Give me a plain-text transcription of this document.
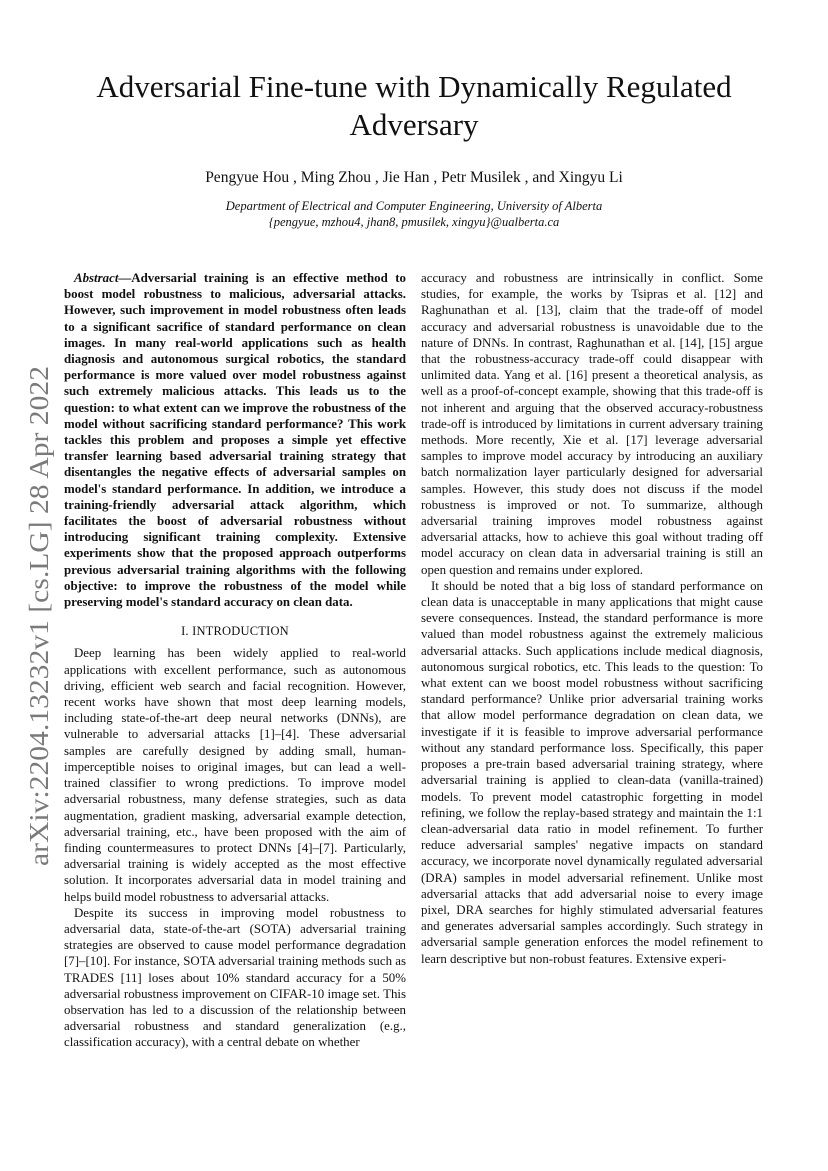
Adversarial Fine-tune with Dynamically Regulated Adversary
Pengyue Hou , Ming Zhou , Jie Han , Petr Musilek , and Xingyu Li
Department of Electrical and Computer Engineering, University of Alberta
{pengyue, mzhou4, jhan8, pmusilek, xingyu}@ualberta.ca
arXiv:2204.13232v1 [cs.LG] 28 Apr 2022

Abstract—Adversarial training is an effective method to boost model robustness to malicious, adversarial attacks. However, such improvement in model robustness often leads to a significant sacrifice of standard performance on clean images. In many real-world applications such as health diagnosis and autonomous surgical robotics, the standard performance is more valued over model robustness against such extremely malicious attacks. This leads us to the question: to what extent can we improve the robustness of the model without sacrificing standard performance? This work tackles this problem and proposes a simple yet effective transfer learning based adversarial training strategy that disentangles the negative effects of adversarial samples on model's standard performance. In addition, we introduce a training-friendly adversarial attack algorithm, which facilitates the boost of adversarial robustness without introducing significant training complexity. Extensive experiments show that the proposed approach outperforms previous adversarial training algorithms with the following objective: to improve the robustness of the model while preserving model's standard accuracy on clean data.

I. INTRODUCTION

Deep learning has been widely applied to real-world applications with excellent performance, such as autonomous driving, efficient web search and facial recognition. However, recent works have shown that most deep learning models, including state-of-the-art deep neural networks (DNNs), are vulnerable to adversarial attacks [1]–[4]. These adversarial samples are carefully designed by adding small, human-imperceptible noises to original images, but can lead a well-trained classifier to wrong predictions. To improve model adversarial robustness, many defense strategies, such as data augmentation, gradient masking, adversarial example detection, adversarial training, etc., have been proposed with the aim of finding countermeasures to protect DNNs [4]–[7]. Particularly, adversarial training is widely accepted as the most effective solution. It incorporates adversarial data in model training and helps build model robustness to adversarial attacks.

Despite its success in improving model robustness to adversarial data, state-of-the-art (SOTA) adversarial training strategies are observed to cause model performance degradation [7]–[10]. For instance, SOTA adversarial training methods such as TRADES [11] loses about 10% standard accuracy for a 50% adversarial robustness improvement on CIFAR-10 image set. This observation has led to a discussion of the relationship between adversarial robustness and standard generalization (e.g., classification accuracy), with a central debate on whether

accuracy and robustness are intrinsically in conflict. Some studies, for example, the works by Tsipras et al. [12] and Raghunathan et al. [13], claim that the trade-off of model accuracy and adversarial robustness is unavoidable due to the nature of DNNs. In contrast, Raghunathan et al. [14], [15] argue that the robustness-accuracy trade-off could disappear with unlimited data. Yang et al. [16] present a theoretical analysis, as well as a proof-of-concept example, showing that this trade-off is not inherent and arguing that the observed accuracy-robustness trade-off is introduced by limitations in current adversary training methods. More recently, Xie et al. [17] leverage adversarial samples to improve model accuracy by introducing an auxiliary batch normalization layer particularly designed for adversarial samples. However, this study does not discuss if the model robustness is improved or not. To summarize, although adversarial training improves model robustness against adversarial attacks, how to achieve this goal without trading off model accuracy on clean data in adversarial training is still an open question and remains under explored.

It should be noted that a big loss of standard performance on clean data is unacceptable in many applications that might cause severe consequences. Instead, the standard performance is more valued than model robustness against the extremely malicious adversarial attacks. Such applications include medical diagnosis, autonomous surgical robotics, etc. This leads to the question: To what extent can we boost model robustness without sacrificing standard performance? Unlike prior adversarial training works that allow model performance degradation on clean data, we investigate if it is feasible to improve adversarial performance without any standard performance loss. Specifically, this paper proposes a pre-train based adversarial training strategy, where adversarial training is applied to clean-data (vanilla-trained) models. To prevent model catastrophic forgetting in model refining, we follow the replay-based strategy and maintain the 1:1 clean-adversarial data ratio in model refinement. To further reduce adversarial samples' negative impacts on standard accuracy, we incorporate novel dynamically regulated adversarial (DRA) samples in model adversarial refinement. Unlike most adversarial attacks that add adversarial noise to every image pixel, DRA searches for highly stimulated adversarial features and generates adversarial samples accordingly. Such strategy in adversarial sample generation enforces the model refinement to learn descriptive but non-robust features. Extensive experi-
